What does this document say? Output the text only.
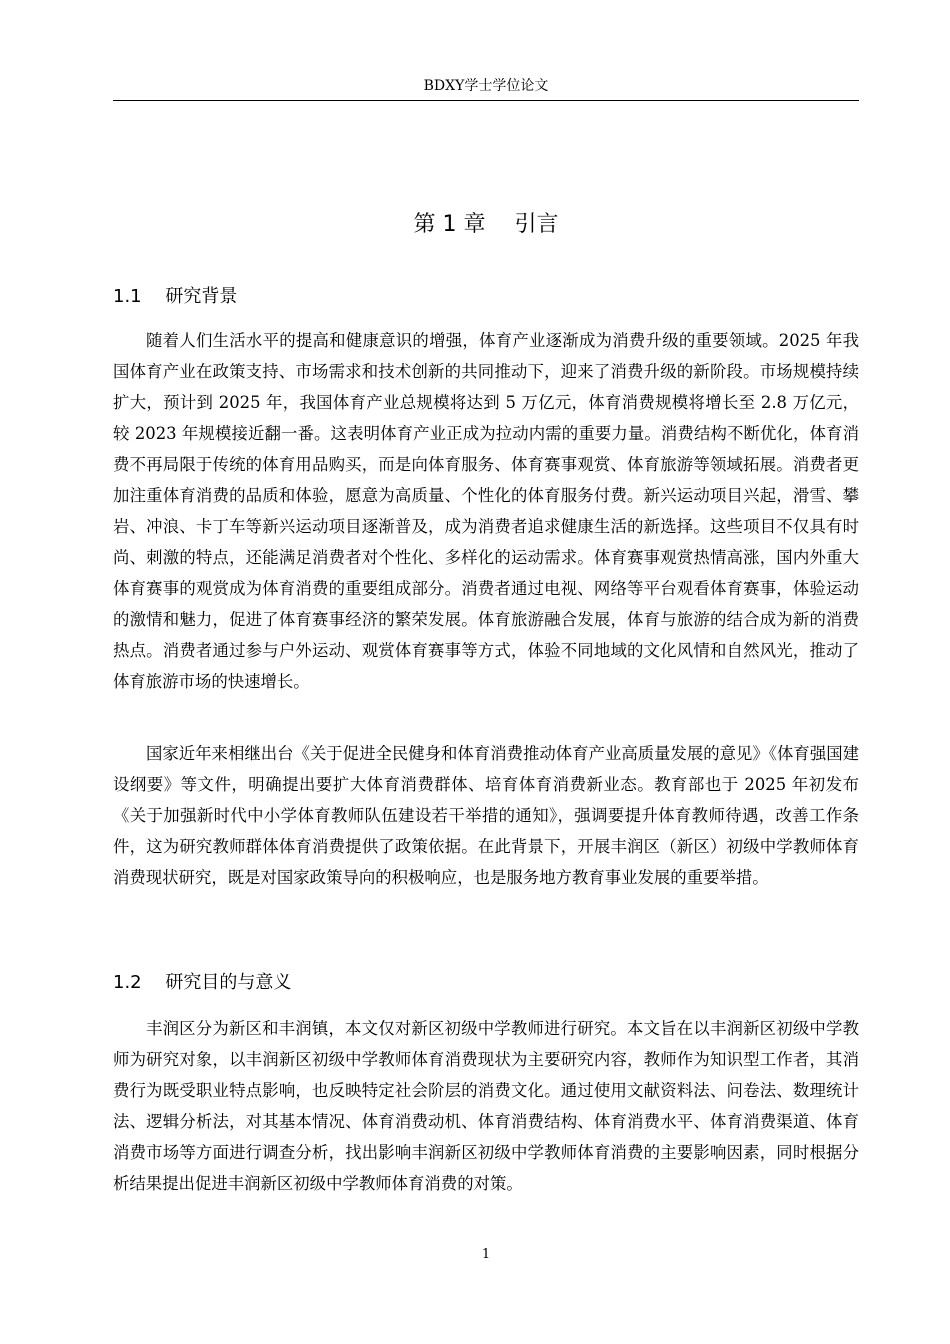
BDXY学士学位论文
第 1 章　 引言
1.1　 研究背景

随着人们生活水平的提高和健康意识的增强，体育产业逐渐成为消费升级的重要领域。2025 年我国体育产业在政策支持、市场需求和技术创新的共同推动下，迎来了消费升级的新阶段。市场规模持续扩大，预计到 2025 年，我国体育产业总规模将达到 5 万亿元，体育消费规模将增长至 2.8 万亿元，较 2023 年规模接近翻一番。这表明体育产业正成为拉动内需的重要力量。消费结构不断优化，体育消费不再局限于传统的体育用品购买，而是向体育服务、体育赛事观赏、体育旅游等领域拓展。消费者更加注重体育消费的品质和体验，愿意为高质量、个性化的体育服务付费。新兴运动项目兴起，滑雪、攀岩、冲浪、卡丁车等新兴运动项目逐渐普及，成为消费者追求健康生活的新选择。这些项目不仅具有时尚、刺激的特点，还能满足消费者对个性化、多样化的运动需求。体育赛事观赏热情高涨，国内外重大体育赛事的观赏成为体育消费的重要组成部分。消费者通过电视、网络等平台观看体育赛事，体验运动的激情和魅力，促进了体育赛事经济的繁荣发展。体育旅游融合发展，体育与旅游的结合成为新的消费热点。消费者通过参与户外运动、观赏体育赛事等方式，体验不同地域的文化风情和自然风光，推动了体育旅游市场的快速增长。

国家近年来相继出台《关于促进全民健身和体育消费推动体育产业高质量发展的意见》《体育强国建设纲要》等文件，明确提出要扩大体育消费群体、培育体育消费新业态。教育部也于 2025 年初发布《关于加强新时代中小学体育教师队伍建设若干举措的通知》，强调要提升体育教师待遇，改善工作条件，这为研究教师群体体育消费提供了政策依据。在此背景下，开展丰润区（新区）初级中学教师体育消费现状研究，既是对国家政策导向的积极响应，也是服务地方教育事业发展的重要举措。

1.2　 研究目的与意义

丰润区分为新区和丰润镇，本文仅对新区初级中学教师进行研究。本文旨在以丰润新区初级中学教师为研究对象，以丰润新区初级中学教师体育消费现状为主要研究内容，教师作为知识型工作者，其消费行为既受职业特点影响，也反映特定社会阶层的消费文化。通过使用文献资料法、问卷法、数理统计法、逻辑分析法，对其基本情况、体育消费动机、体育消费结构、体育消费水平、体育消费渠道、体育消费市场等方面进行调查分析，找出影响丰润新区初级中学教师体育消费的主要影响因素，同时根据分析结果提出促进丰润新区初级中学教师体育消费的对策。

1
